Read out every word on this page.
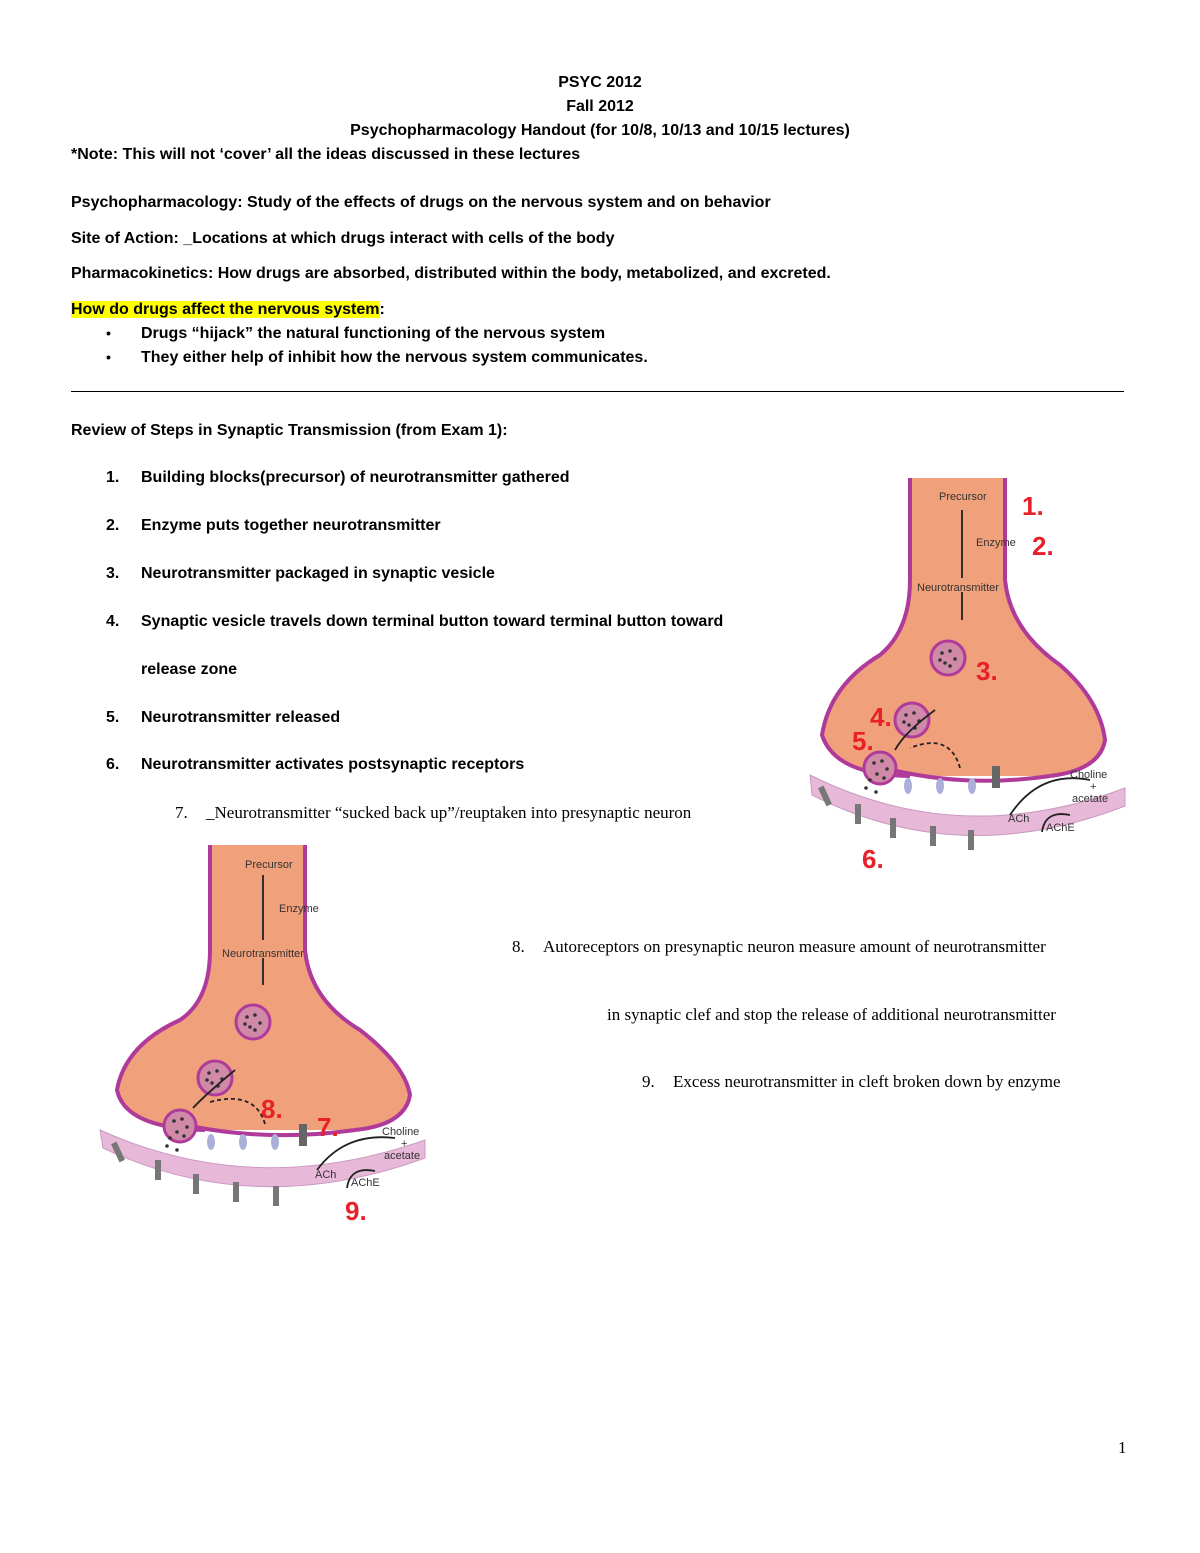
PSYC 2012
Fall 2012
Psychopharmacology Handout (for 10/8, 10/13 and 10/15 lectures)
*Note: This will not ‘cover’ all the ideas discussed in these lectures
Psychopharmacology: Study of the effects of drugs on the nervous system and on behavior
Site of Action: _Locations at which drugs interact with cells of the body
Pharmacokinetics: How drugs are absorbed, distributed within the body, metabolized, and excreted.
How do drugs affect the nervous system:
• Drugs “hijack” the natural functioning of the nervous system
• They either help of inhibit how the nervous system communicates.
Review of Steps in Synaptic Transmission (from Exam 1):
1. Building blocks(precursor) of neurotransmitter gathered
2. Enzyme puts together neurotransmitter
3. Neurotransmitter packaged in synaptic vesicle
4. Synaptic vesicle travels down terminal button toward terminal button toward
release zone
5. Neurotransmitter released
6. Neurotransmitter activates postsynaptic receptors
7. _Neurotransmitter “sucked back up”/reuptaken into presynaptic neuron
8. Autoreceptors on presynaptic neuron measure amount of neurotransmitter
in synaptic clef and stop the release of additional neurotransmitter
9. Excess neurotransmitter in cleft broken down by enzyme
Precursor
Enzyme
Neurotransmitter
Choline
+
acetate
ACh
AChE
1.
2.
3.
4.
5.
6.
Precursor
Enzyme
Neurotransmitter
Choline
+
acetate
ACh
AChE
8.
7.
9.
1
